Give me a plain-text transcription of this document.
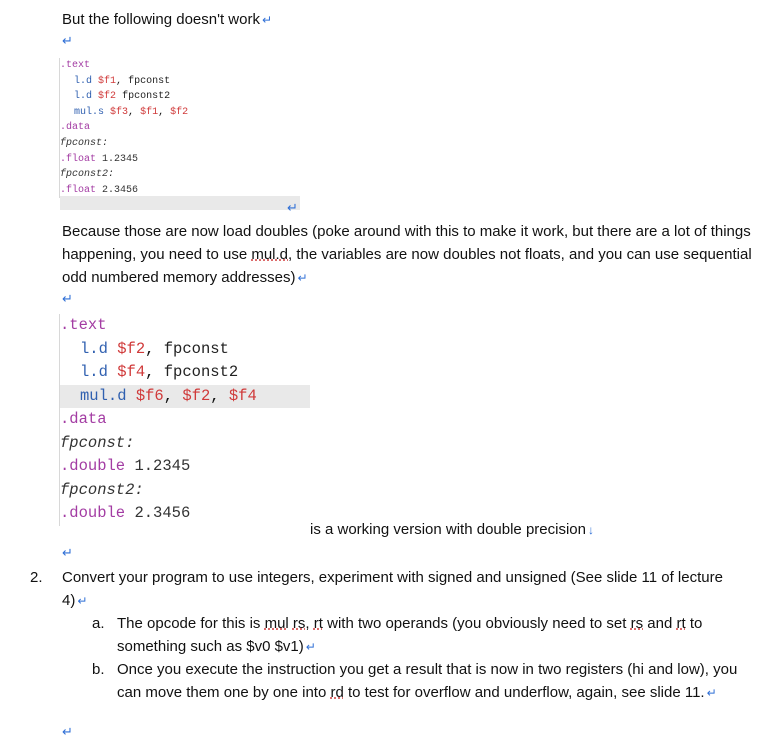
But the following doesn't work ↵
↵
.text
l.d $f1, fpconst
l.d $f2 fpconst2
mul.s $f3, $f1, $f2
.data
fpconst:
.float 1.2345
fpconst2:
.float 2.3456
↵
Because those are now load doubles (poke around with this to make it work, but there are a lot of things happening, you need to use mul.d, the variables are now doubles not floats, and you can use sequential odd numbered memory addresses) ↵
↵
.text
l.d $f2, fpconst
l.d $f4, fpconst2
mul.d $f6, $f2, $f4
.data
fpconst:
.double 1.2345
fpconst2:
.double 2.3456
is a working version with double precision ↓
↵
2. Convert your program to use integers, experiment with signed and unsigned (See slide 11 of lecture 4) ↵
a. The opcode for this is mul rs, rt with two operands (you obviously need to set rs and rt to something such as $v0 $v1) ↵
b. Once you execute the instruction you get a result that is now in two registers (hi and low), you can move them one by one into rd to test for overflow and underflow, again, see slide 11. ↵
↵
